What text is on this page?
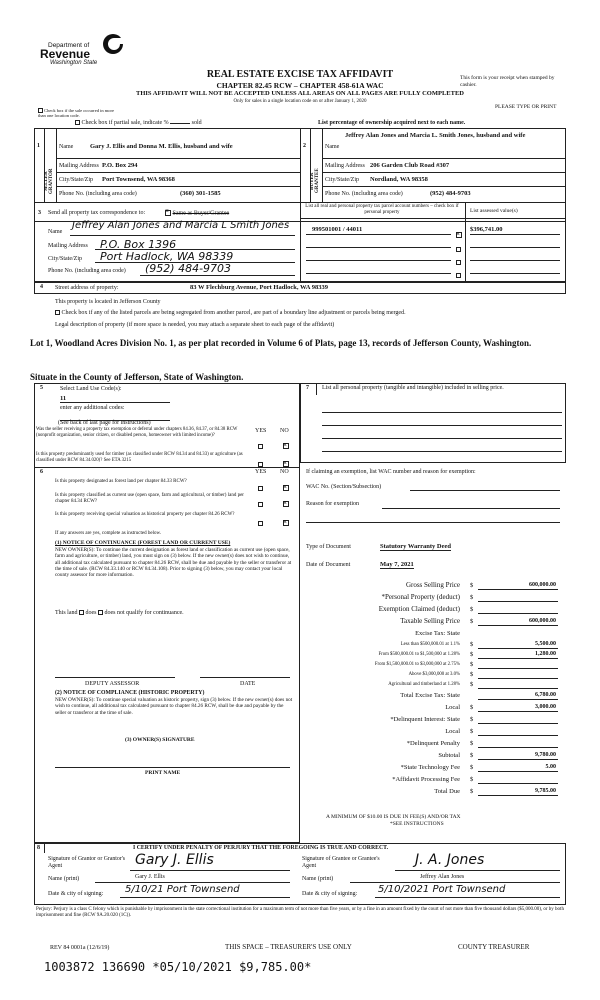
Department of
Revenue
Washington State
REAL ESTATE EXCISE TAX AFFIDAVIT
CHAPTER 82.45 RCW – CHAPTER 458-61A WAC
THIS AFFIDAVIT WILL NOT BE ACCEPTED UNLESS ALL AREAS ON ALL PAGES ARE FULLY COMPLETED
Only for sales in a single location code on or after January 1, 2020
This form is your receipt when stamped by cashier.
PLEASE TYPE OR PRINT
Check box if the sale occurred in more than one location code.
Check box if partial sale, indicate %	sold	List percentage of ownership acquired next to each name.
1
SELLER GRANTOR
Name	Gary J. Ellis and Donna M. Ellis, husband and wife
Mailing Address P.O. Box 294
City/State/Zip Port Townsend, WA 98368
Phone No. (including area code)	(360) 301-1585
2
BUYER GRANTEE
Name
Jeffrey Alan Jones and Marcia L. Smith Jones, husband and wife
Mailing Address 206 Garden Club Road #307
City/State/Zip Nordland, WA 98358
Phone No. (including area code)	(952) 484-9703
3 Send all property tax correspondence to:
×	Same as Buyer/Grantee
Name
Jeffrey Alan Jones and Marcia L Smith Jones
Mailing Address P.O. Box 1396
City/State/Zip Port Hadlock, WA 98339
Phone No. (including area code) (952) 484-9703
List all real and personal property tax parcel account numbers – check box if personal property	List assessed value(s)
999501001 / 44011	$396,741.00
×
4 Street address of property:	83 W Flechburg Avenue, Port Hadlock, WA 98339
This property is located in Jefferson County
Check box if any of the listed parcels are being segregated from another parcel, are part of a boundary line adjustment or parcels being merged.
Legal description of property (if more space is needed, you may attach a separate sheet to each page of the affidavit)
Lot 1, Woodland Acres Division No. 1, as per plat recorded in Volume 6 of Plats, page 13, records of Jefferson County, Washington.
Situate in the County of Jefferson, State of Washington.
5	Select Land Use Code(s):
11
enter any additional codes:
(See back of last page for instructions)
YES NO
Was the seller receiving a property tax exemption or deferral under chapters 84.36, 84.37, or 84.38 RCW (nonprofit organization, senior citizen, or disabled person, homeowner with limited income)?
×
Is this property predominantly used for timber (as classified under RCW 84.34 and 84.33) or agriculture (as classified under RCW 84.34.020)? See ETA 3215
×
6	YES NO
Is this property designated as forest land per chapter 84.33 RCW?
×
Is this property classified as current use (open space, farm and agricultural, or timber) land per chapter 84.34 RCW?
×
Is this property receiving special valuation as historical property per chapter 84.26 RCW?
×
If any answers are yes, complete as instructed below.
(1) NOTICE OF CONTINUANCE (FOREST LAND OR CURRENT USE)
NEW OWNER(S): To continue the current designation as forest land or classification as current use (open space, farm and agriculture, or timber) land, you must sign on (3) below. If the new owner(s) does not wish to continue, all additional tax calculated pursuant to chapter 84.26 RCW, shall be due and payable by the seller or transferor at the time of sale. (RCW 84.33.140 or RCW 84.34.108). Prior to signing (3) below, you may contact your local county assessor for more information.
This land does does not qualify for continuance.
DEPUTY ASSESSOR	DATE
(2) NOTICE OF COMPLIANCE (HISTORIC PROPERTY)
NEW OWNER(S): To continue special valuation as historic property, sign (3) below. If the new owner(s) does not wish to continue, all additional tax calculated pursuant to chapter 84.26 RCW, shall be due and payable by the seller or transferor at the time of sale.
(3) OWNER(S) SIGNATURE
PRINT NAME
7 List all personal property (tangible and intangible) included in selling price.
If claiming an exemption, list WAC number and reason for exemption:
WAC No. (Section/Subsection)
Reason for exemption
Type of Document	Statutory Warranty Deed
Date of Document	May 7, 2021
Gross Selling Price $	600,000.00
*Personal Property (deduct) $
Exemption Claimed (deduct) $
Taxable Selling Price $	600,000.00
Excise Tax: State
Less than $500,000.01 at 1.1% $	5,500.00
From $500,000.01 to $1,500,000 at 1.28% $	1,280.00
From $1,500,000.01 to $3,000,000 at 2.75% $
Above $3,000,000 at 3.0% $
Agricultural and timberland at 1.28% $
Total Excise Tax: State	6,780.00
Local $	3,000.00
*Delinquent Interest: State $
Local $
*Delinquent Penalty $
Subtotal $	9,780.00
*State Technology Fee $	5.00
*Affidavit Processing Fee $
Total Due $	9,785.00
A MINIMUM OF $10.00 IS DUE IN FEE(S) AND/OR TAX
*SEE INSTRUCTIONS
8	I CERTIFY UNDER PENALTY OF PERJURY THAT THE FOREGOING IS TRUE AND CORRECT.
Signature of Grantor or Grantor's Agent	Gary J. Ellis
Name (print)	Gary J. Ellis
Date & city of signing: 5/10/21 Port Townsend
Signature of Grantee or Grantee's Agent	J. A. Jones
Name (print)	Jeffrey Alan Jones
Date & city of signing: 5/10/2021 Port Townsend
Perjury: Perjury is a class C felony which is punishable by imprisonment in the state correctional institution for a maximum term of not more than five years, or by a fine in an amount fixed by the court of not more than five thousand dollars ($5,000.00), or by both imprisonment and fine (RCW 9A.20.020 (1C)).
REV 84 0001a (12/6/19)	THIS SPACE – TREASURER'S USE ONLY	COUNTY TREASURER
1003872 136690 *05/10/2021 $9,785.00*
